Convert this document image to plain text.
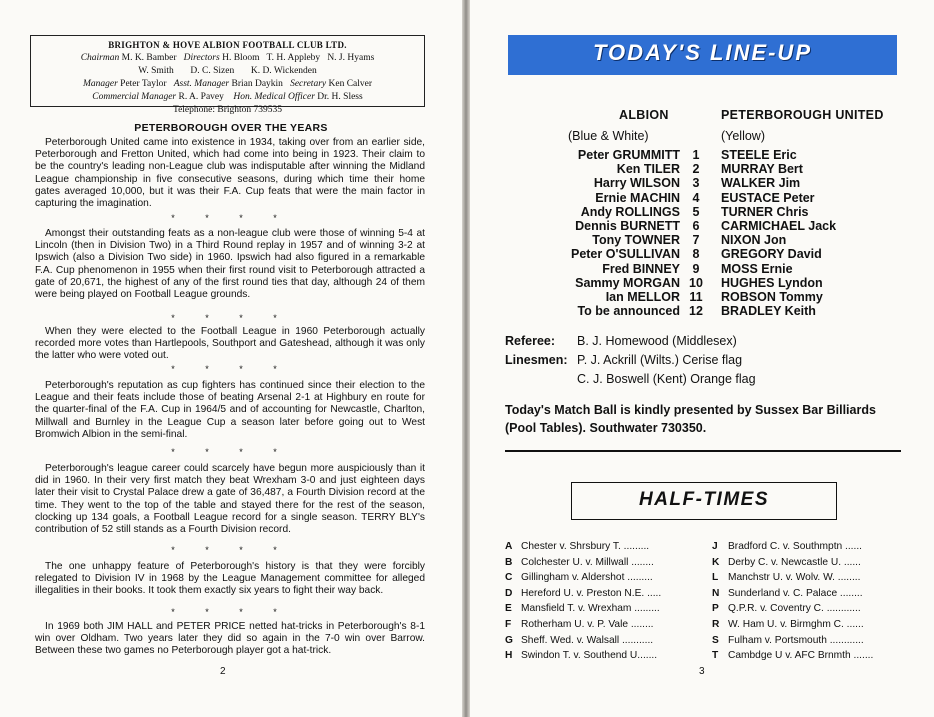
BRIGHTON & HOVE ALBION FOOTBALL CLUB LTD.
Chairman M. K. Bamber Directors H. Bloom T. H. Appleby N. J. Hyams
W. Smith D. C. Sizen K. D. Wickenden
Manager Peter Taylor Asst. Manager Brian Daykin Secretary Ken Calver
Commercial Manager R. A. Pavey Hon. Medical Officer Dr. H. Sless
Telephone: Brighton 739535
PETERBOROUGH OVER THE YEARS

Peterborough United came into existence in 1934, taking over from an earlier side, Peterborough and Fretton United, which had come into being in 1923. Their claim to be the country's leading non-League club was indisputable after winning the Midland League championship in five consecutive seasons, during which time their home gates averaged 10,000, but it was their F.A. Cup feats that were the main factor in capturing the imagination.

* * * *

Amongst their outstanding feats as a non-league club were those of winning 5-4 at Lincoln (then in Division Two) in a Third Round replay in 1957 and of winning 3-2 at Ipswich (also a Division Two side) in 1960. Ipswich had also figured in a remarkable F.A. Cup phenomenon in 1955 when their first round visit to Peterborough attracted a gate of 20,671, the highest of any of the first round ties that day, although 24 of them were being played on Football League grounds.

* * * *

When they were elected to the Football League in 1960 Peterborough actually recorded more votes than Hartlepools, Southport and Gateshead, although it was only the latter who were voted out.

* * * *

Peterborough's reputation as cup fighters has continued since their election to the League and their feats include those of beating Arsenal 2-1 at Highbury en route for the quarter-final of the F.A. Cup in 1964/5 and of accounting for Newcastle, Charlton, Millwall and Burnley in the League Cup a season later before going out to West Bromwich Albion in the semi-final.

* * * *

Peterborough's league career could scarcely have begun more auspiciously than it did in 1960. In their very first match they beat Wrexham 3-0 and just eighteen days later their visit to Crystal Palace drew a gate of 36,487, a Fourth Division record at the time. They went to the top of the table and stayed there for the rest of the season, clocking up 134 goals, a Football League record for a single season. TERRY BLY's contribution of 52 still stands as a Fourth Division record.

* * * *

The one unhappy feature of Peterborough's history is that they were forcibly relegated to Division IV in 1968 by the League Management committee for alleged illegalities in their books. It took them exactly six years to fight their way back.

* * * *

In 1969 both JIM HALL and PETER PRICE netted hat-tricks in Peterborough's 8-1 win over Oldham. Two years later they did so again in the 7-0 win over Barrow. Between these two games no Peterborough player got a hat-trick.

2
TODAY'S LINE-UP
ALBION	PETERBOROUGH UNITED
(Blue & White)	(Yellow)
Peter GRUMMITT	1	STEELE Eric
Ken TILER	2	MURRAY Bert
Harry WILSON	3	WALKER Jim
Ernie MACHIN	4	EUSTACE Peter
Andy ROLLINGS	5	TURNER Chris
Dennis BURNETT	6	CARMICHAEL Jack
Tony TOWNER	7	NIXON Jon
Peter O'SULLIVAN	8	GREGORY David
Fred BINNEY	9	MOSS Ernie
Sammy MORGAN 10 HUGHES Lyndon
Ian MELLOR 11 ROBSON Tommy
To be announced 12 BRADLEY Keith
Referee: B. J. Homewood (Middlesex)
Linesmen: P. J. Ackrill (Wilts.) Cerise flag
C. J. Boswell (Kent) Orange flag
Today's Match Ball is kindly presented by Sussex Bar Billiards (Pool Tables). Southwater 730350.
HALF-TIMES
A Chester v. Shrsbury T. .........
B Colchester U. v. Millwall ........
C Gillingham v. Aldershot .........
D Hereford U. v. Preston N.E. .....
E Mansfield T. v. Wrexham .........
F Rotherham U. v. P. Vale ........
G Sheff. Wed. v. Walsall ...........
H Swindon T. v. Southend U.......
J Bradford C. v. Southmptn ......
K Derby C. v. Newcastle U. ......
L Manchstr U. v. Wolv. W. ........
N Sunderland v. C. Palace ........
P Q.P.R. v. Coventry C. ............
R W. Ham U. v. Birmghm C. ......
S Fulham v. Portsmouth ............
T Cambdge U v. AFC Brnmth .......
3
